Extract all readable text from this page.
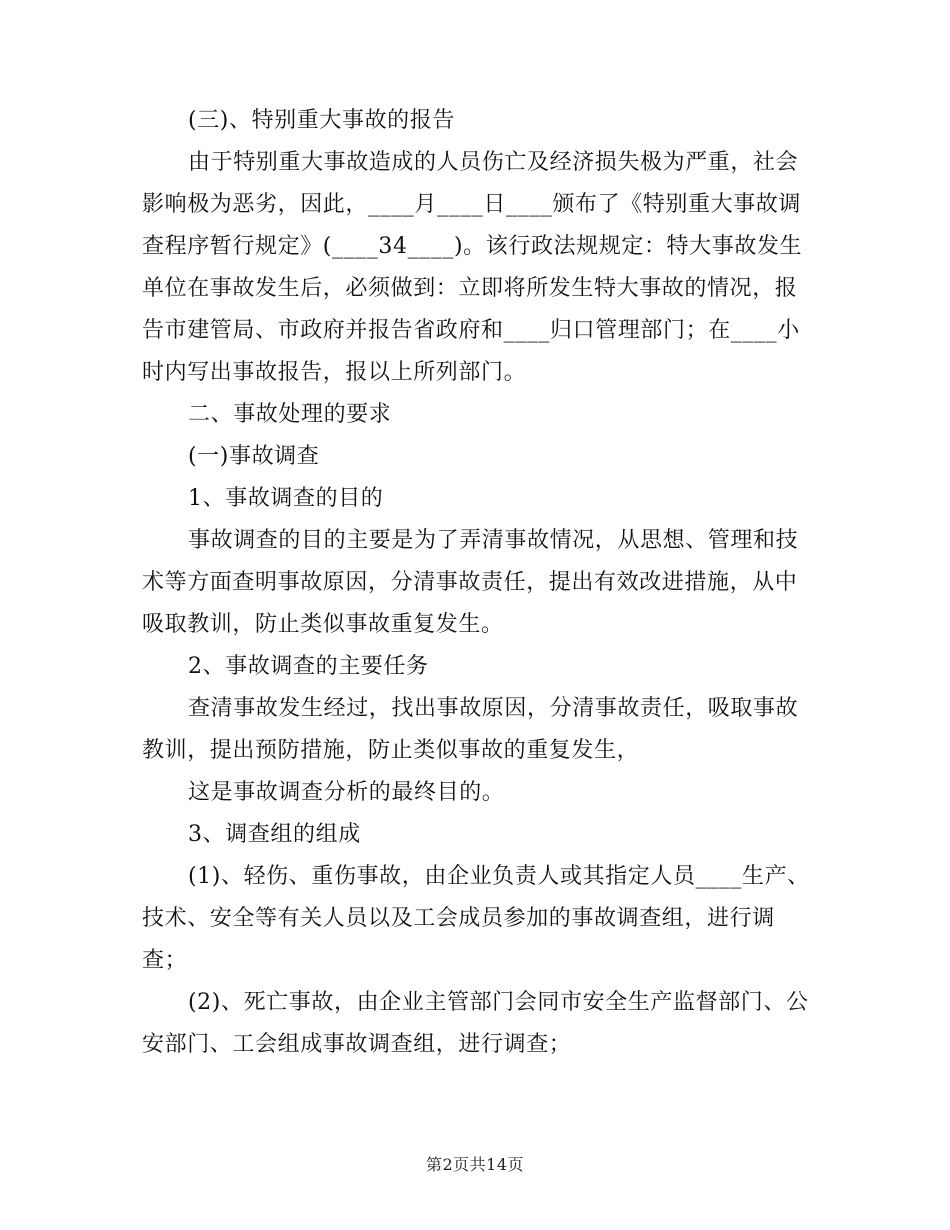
(三)、特别重大事故的报告

由于特别重大事故造成的人员伤亡及经济损失极为严重，社会影响极为恶劣，因此，____月____日____颁布了《特别重大事故调查程序暂行规定》(____34____)。该行政法规规定：特大事故发生单位在事故发生后，必须做到：立即将所发生特大事故的情况，报告市建管局、市政府并报告省政府和____归口管理部门；在____小时内写出事故报告，报以上所列部门。

二、事故处理的要求

(一)事故调查

1、事故调查的目的

事故调查的目的主要是为了弄清事故情况，从思想、管理和技术等方面查明事故原因，分清事故责任，提出有效改进措施，从中吸取教训，防止类似事故重复发生。

2、事故调查的主要任务

查清事故发生经过，找出事故原因，分清事故责任，吸取事故教训，提出预防措施，防止类似事故的重复发生，

这是事故调查分析的最终目的。

3、调查组的组成

(1)、轻伤、重伤事故，由企业负责人或其指定人员____生产、技术、安全等有关人员以及工会成员参加的事故调查组，进行调查；

(2)、死亡事故，由企业主管部门会同市安全生产监督部门、公安部门、工会组成事故调查组，进行调查；

第2页共14页
